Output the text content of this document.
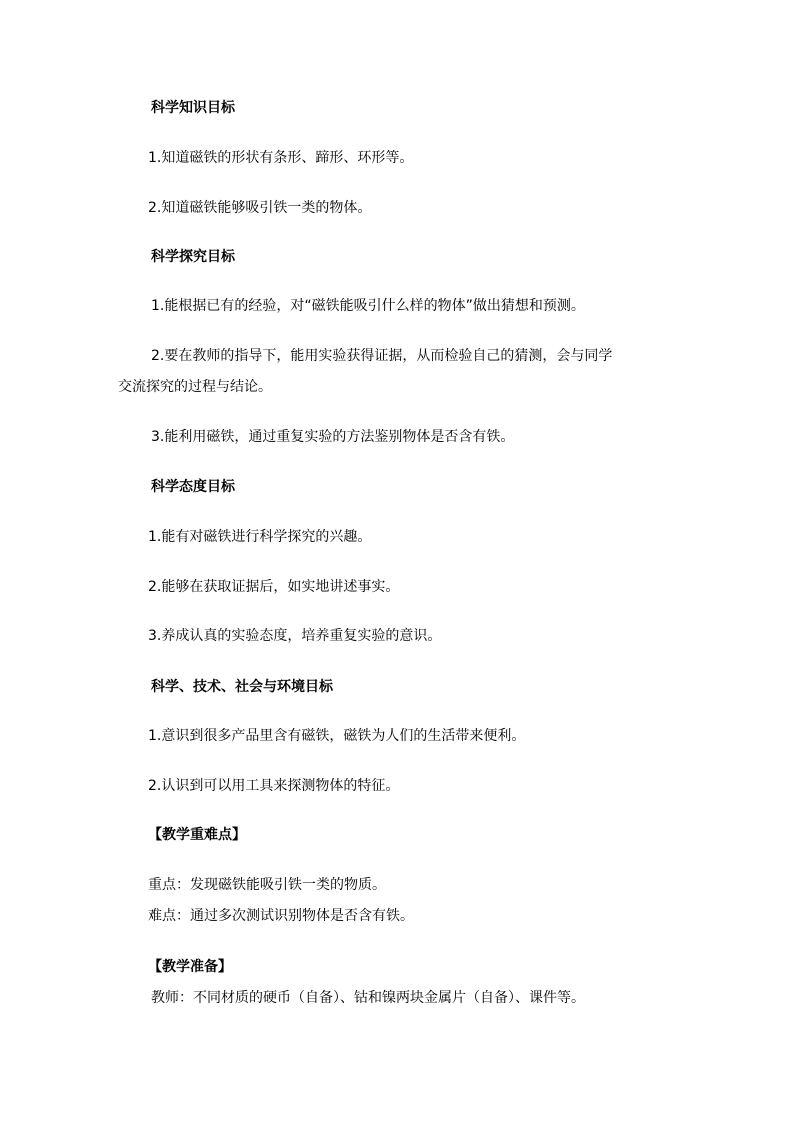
科学知识目标
1.知道磁铁的形状有条形、蹄形、环形等。
2.知道磁铁能够吸引铁一类的物体。
科学探究目标
1.能根据已有的经验，对“磁铁能吸引什么样的物体”做出猜想和预测。
2.要在教师的指导下，能用实验获得证据，从而检验自己的猜测，会与同学
交流探究的过程与结论。
3.能利用磁铁，通过重复实验的方法鉴别物体是否含有铁。
科学态度目标
1.能有对磁铁进行科学探究的兴趣。
2.能够在获取证据后，如实地讲述事实。
3.养成认真的实验态度，培养重复实验的意识。
科学、技术、社会与环境目标
1.意识到很多产品里含有磁铁，磁铁为人们的生活带来便利。
2.认识到可以用工具来探测物体的特征。
【教学重难点】
重点：发现磁铁能吸引铁一类的物质。
难点：通过多次测试识别物体是否含有铁。
【教学准备】
教师：不同材质的硬币（自备）、钴和镍两块金属片（自备）、课件等。
